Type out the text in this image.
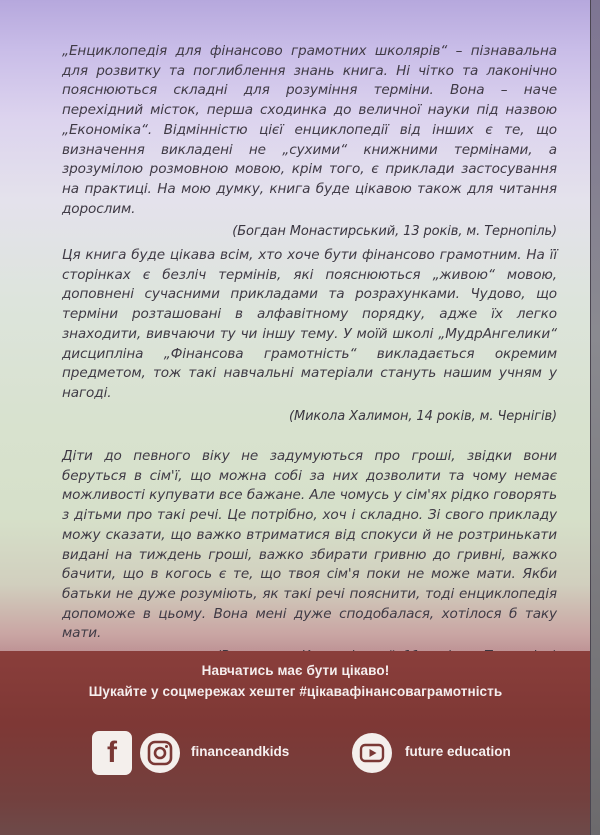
„Енциклопедія для фінансово грамотних школярів“ – пізнавальна для розвитку та поглиблення знань книга. Ні чітко та лаконічно пояснюються складні для розуміння терміни. Вона – наче перехідний місток, перша сходинка до величної науки під назвою „Економіка“. Відмінністю цієї енциклопедії від інших є те, що визначення викладені не „сухими“ книжними термінами, а зрозумілою розмовною мовою, крім того, є приклади застосування на практиці. На мою думку, книга буде цікавою також для читання дорослим.

(Богдан Монастирський, 13 років, м. Тернопіль)

Ця книга буде цікава всім, хто хоче бути фінансово грамотним. На її сторінках є безліч термінів, які пояснюються „живою“ мовою, доповнені сучасними прикладами та розрахунками. Чудово, що терміни розташовані в алфавітному порядку, адже їх легко знаходити, вивчаючи ту чи іншу тему. У моїй школі „МудрАнгелики“ дисципліна „Фінансова грамотність“ викладається окремим предметом, тож такі навчальні матеріали стануть нашим учням у нагоді.

(Микола Халимон, 14 років, м. Чернігів)

Діти до певного віку не задумуються про гроші, звідки вони беруться в сім'ї, що можна собі за них дозволити та чому немає можливості купувати все бажане. Але чомусь у сім'ях рідко говорять з дітьми про такі речі. Це потрібно, хоч і складно. Зі свого прикладу можу сказати, що важко втриматися від спокуси й не розтринькати видані на тиждень гроші, важко збирати гривню до гривні, важко бачити, що в когось є те, що твоя сім'я поки не може мати. Якби батьки не дуже розуміють, як такі речі пояснити, тоді енциклопедія допоможе в цьому. Вона мені дуже сподобалася, хотілося б таку мати.

Навчатись має бути цікаво!
Шукайте у соцмережах хештег #цікавафінансоваграмотність
f	financeandkids	future education
